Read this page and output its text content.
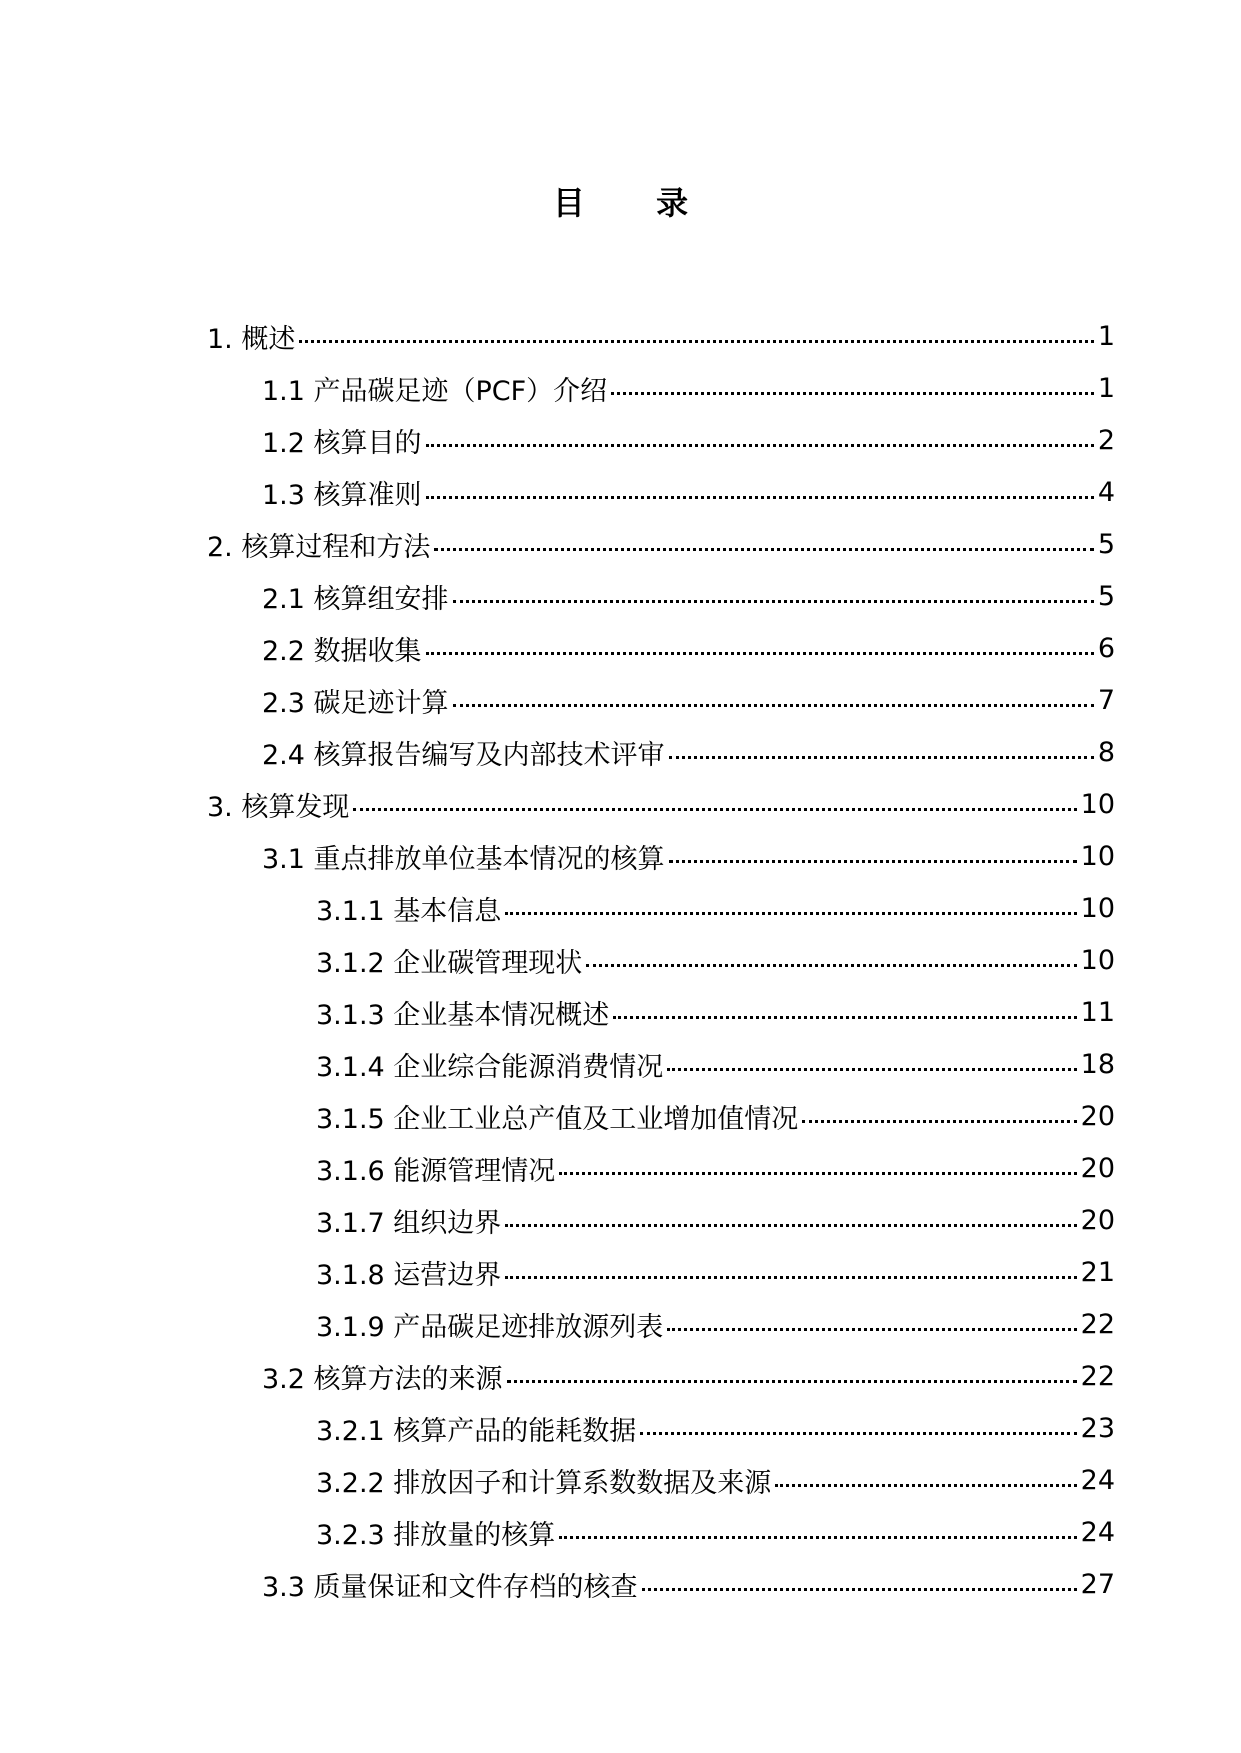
目 录
1. 概述	1
1.1 产品碳足迹（PCF）介绍	1
1.2 核算目的	2
1.3 核算准则	4
2. 核算过程和方法	5
2.1 核算组安排	5
2.2 数据收集	6
2.3 碳足迹计算	7
2.4 核算报告编写及内部技术评审	8
3. 核算发现	10
3.1 重点排放单位基本情况的核算	10
3.1.1 基本信息	10
3.1.2 企业碳管理现状	10
3.1.3 企业基本情况概述	11
3.1.4 企业综合能源消费情况	18
3.1.5 企业工业总产值及工业增加值情况	20
3.1.6 能源管理情况	20
3.1.7 组织边界	20
3.1.8 运营边界	21
3.1.9 产品碳足迹排放源列表	22
3.2 核算方法的来源	22
3.2.1 核算产品的能耗数据	23
3.2.2 排放因子和计算系数数据及来源	24
3.2.3 排放量的核算	24
3.3 质量保证和文件存档的核查	27
